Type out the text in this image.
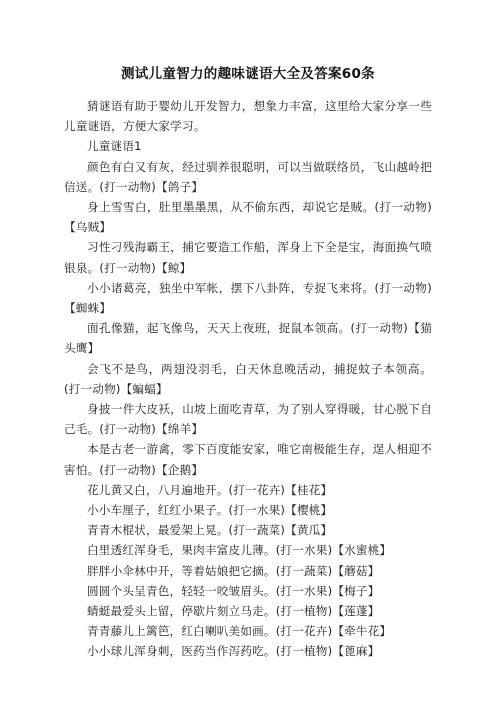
测试儿童智力的趣味谜语大全及答案60条

猜谜语有助于婴幼儿开发智力，想象力丰富，这里给大家分享一些儿童谜语，方便大家学习。

儿童谜语1

颜色有白又有灰，经过驯养很聪明，可以当做联络员，飞山越岭把信送。(打一动物)【鸽子】

身上雪雪白，肚里墨墨黑，从不偷东西，却说它是贼。(打一动物)【乌贼】

习性刁残海霸王，捕它要造工作船，浑身上下全是宝，海面换气喷银泉。(打一动物)【鲸】

小小诸葛亮，独坐中军帐，摆下八卦阵，专捉飞来将。(打一动物)【蜘蛛】

面孔像猫，起飞像鸟，天天上夜班，捉鼠本领高。(打一动物)【猫头鹰】

会飞不是鸟，两翅没羽毛，白天休息晚活动，捕捉蚊子本领高。(打一动物)【蝙蝠】

身披一件大皮袄，山坡上面吃青草，为了别人穿得暖，甘心脱下自己毛。(打一动物)【绵羊】

本是古老一游禽，零下百度能安家，唯它南极能生存，逞人相迎不害怕。(打一动物)【企鹅】

花儿黄又白，八月遍地开。(打一花卉)【桂花】

小小车厘子，红红小果子。(打一水果)【樱桃】

青青木棍状，最爱架上晃。(打一蔬菜)【黄瓜】

白里透红浑身毛，果肉丰富皮儿薄。(打一水果)【水蜜桃】

胖胖小伞林中开，等着姑娘把它摘。(打一蔬菜)【蘑菇】

圆圆个头呈青色，轻轻一咬皱眉头。(打一水果)【梅子】

蜻蜓最爱头上留，停歇片刻立马走。(打一植物)【莲蓬】

青青藤儿上篱笆，红白喇叭美如画。(打一花卉)【牵牛花】

小小球儿浑身刺，医药当作泻药吃。(打一植物)【蓖麻】
